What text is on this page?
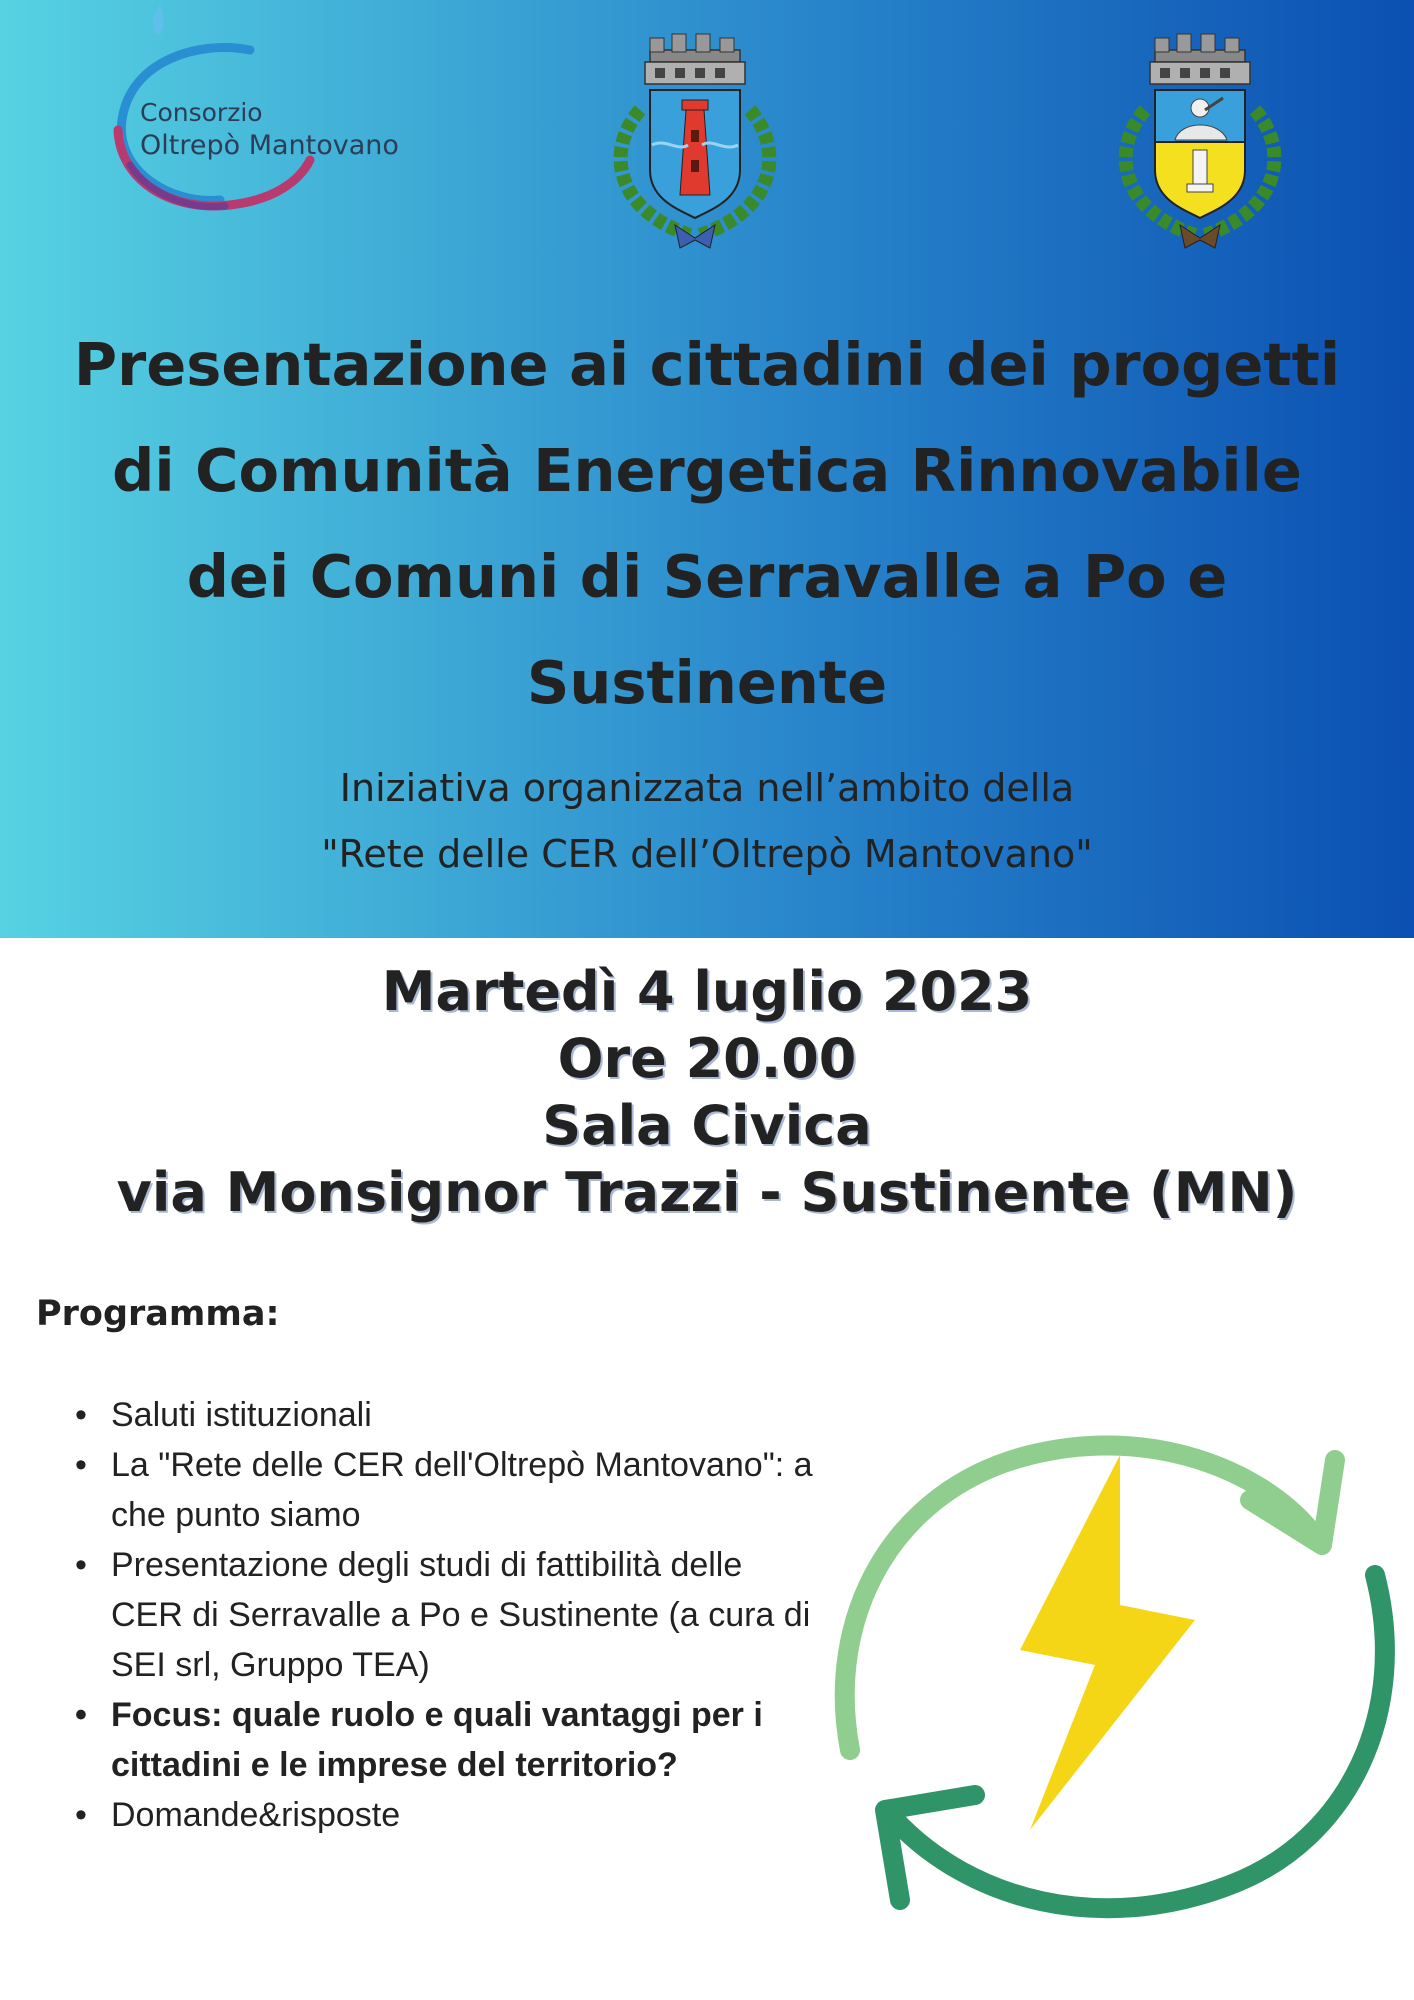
Consorzio
Oltrepò Mantovano
Presentazione ai cittadini dei progetti
di Comunità Energetica Rinnovabile
dei Comuni di Serravalle a Po e
Sustinente
Iniziativa organizzata nell’ambito della
"Rete delle CER dell’Oltrepò Mantovano"
Martedì 4 luglio 2023
Ore 20.00
Sala Civica
via Monsignor Trazzi - Sustinente (MN)
Programma:
• Saluti istituzionali
• La "Rete delle CER dell'Oltrepò Mantovano": a che punto siamo
• Presentazione degli studi di fattibilità delle CER di Serravalle a Po e Sustinente (a cura di SEI srl, Gruppo TEA)
• Focus: quale ruolo e quali vantaggi per i cittadini e le imprese del territorio?
• Domande&risposte
